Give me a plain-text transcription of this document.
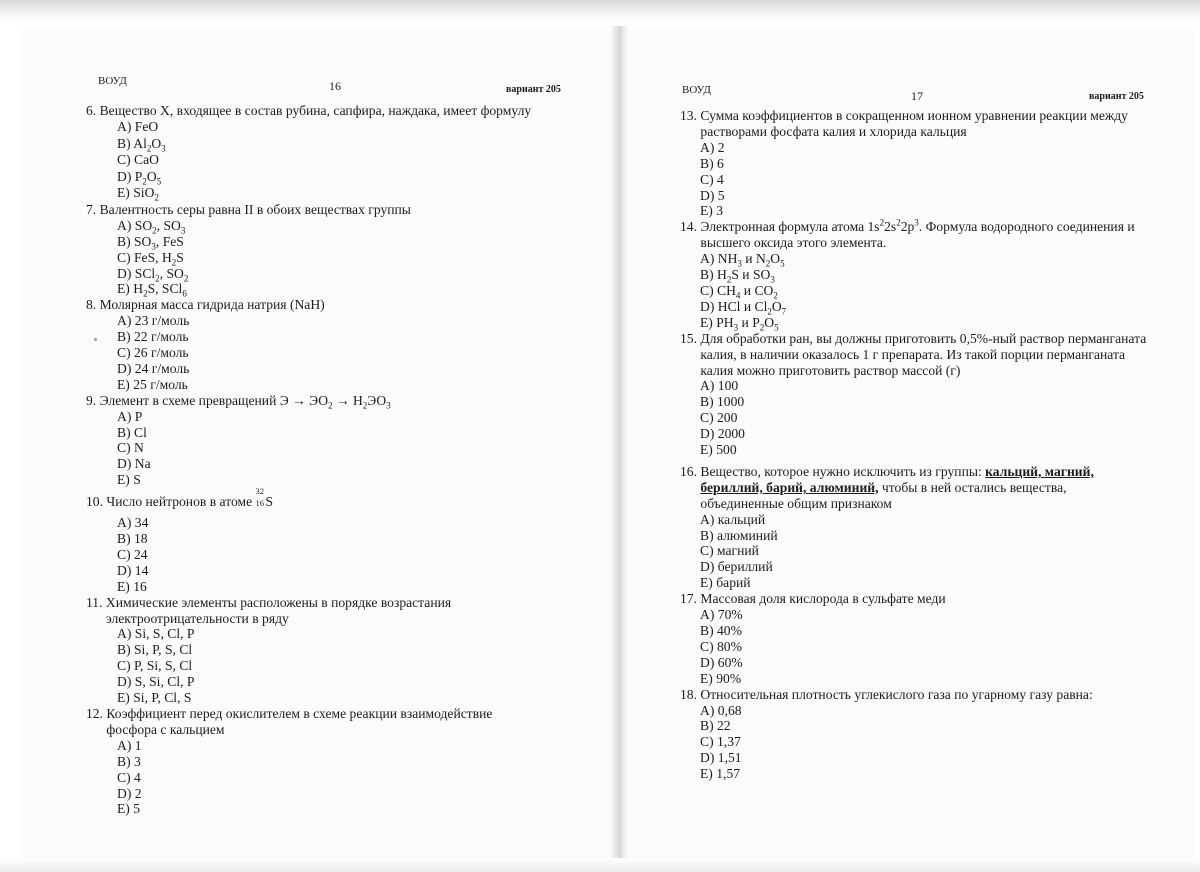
ВОУД	16	вариант 205	ВОУД	17	вариант 205
6.
Вещество X, входящее в состав рубина, сапфира, наждака, имеет формулу
A) FeO
B) $Al_2O_3$
C) CaO
D) $P_2O_5$
E) SiO$_2$
7.
Валентность серы равна II в обоих веществах группы
A) $SO_2$, $SO_3$
B) $SO_3$, FeS
C) FeS, $H_2S$
D) SCl$_2$, $SO_2$
E) $H_2S$, SCl$_6$
8.
Молярная масса гидрида натрия (NaH)
A) 23 г/моль
B) 22 г/моль
C) 26 г/моль
D) 24 г/моль
E) 25 г/моль
9.
Элемент в схеме превращений $Э \to ЭО_2 \to H_2ЭО_3$
A) P
B) Cl
C) N
D) Na
E) S
10.
Число нейтронов в атоме
32
16 S
A) 34
B) 18
C) 24
D) 14
E) 16
11.
Химические элементы расположены в порядке возрастания электроотрицательности в ряду
A) Si, S, Cl, P
B) Si, P, S, Cl
C) P, Si, S, Cl
D) S, Si, Cl, P
E) Si, P, Cl, S
12.
Коэффициент перед окислителем в схеме реакции взаимодействие фосфора с кальцием
A) 1
B) 3
C) 4
D) 2
E) 5
13.
Сумма коэффициентов в сокращенном ионном уравнении реакции между растворами фосфата калия и хлорида кальция
A) 2
B) 6
C) 4
D) 5
E) 3
14.
Электронная формула атома $1s^22s^22p^3$. Формула водородного соединения и высшего оксида этого элемента.
A) $NH_3$ и $N_2O_5$
B) $H_2S$ и $SO_3$
C) $CH_4$ и $CO_2$
D) HCl и $Cl_2O_7$
E) $PH_3$ и $P_2O_5$
15.
Для обработки ран, вы должны приготовить 0,5%-ный раствор перманганата калия, в наличии оказалось 1 г препарата. Из такой порции перманганата калия можно приготовить раствор массой (г)
A) 100
B) 1000
C) 200
D) 2000
E) 500
16.
Вещество, которое нужно исключить из группы: кальций, магний, бериллий, барий, алюминий, чтобы в ней остались вещества, объединенные общим признаком
A) кальций
B) алюминий
C) магний
D) бериллий
E) барий
17.
Массовая доля кислорода в сульфате меди
A) 70%
B) 40%
C) 80%
D) 60%
E) 90%
18.
Относительная плотность углекислого газа по угарному газу равна:
A) 0,68
B) 22
C) 1,37
D) 1,51
E) 1,57
